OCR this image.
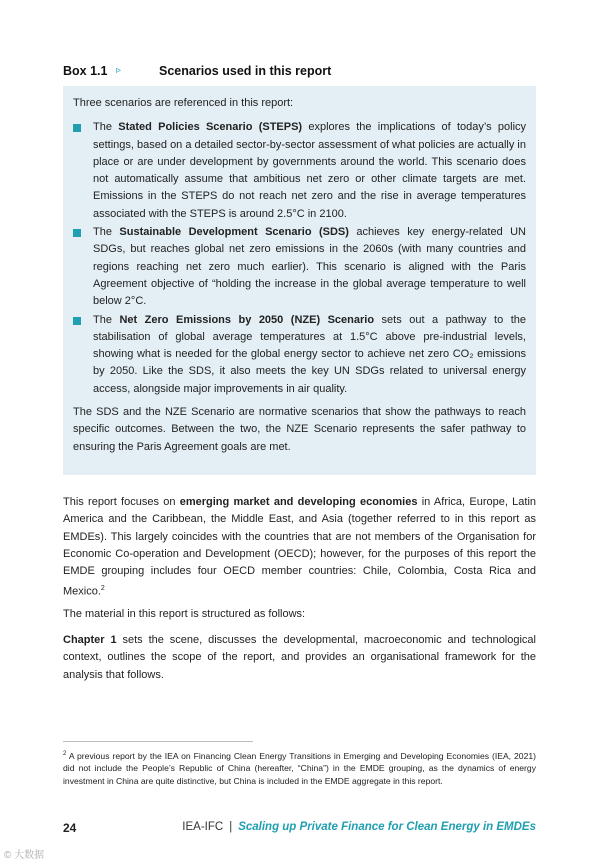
Box 1.1 ▹	Scenarios used in this report

Three scenarios are referenced in this report:

The Stated Policies Scenario (STEPS) explores the implications of today’s policy settings, based on a detailed sector-by-sector assessment of what policies are actually in place or are under development by governments around the world. This scenario does not automatically assume that ambitious net zero or other climate targets are met. Emissions in the STEPS do not reach net zero and the rise in average temperatures associated with the STEPS is around 2.5°C in 2100.
The Sustainable Development Scenario (SDS) achieves key energy-related UN SDGs, but reaches global net zero emissions in the 2060s (with many countries and regions reaching net zero much earlier). This scenario is aligned with the Paris Agreement objective of “holding the increase in the global average temperature to well below 2°C.
The Net Zero Emissions by 2050 (NZE) Scenario sets out a pathway to the stabilisation of global average temperatures at 1.5°C above pre-industrial levels, showing what is needed for the global energy sector to achieve net zero CO₂ emissions by 2050. Like the SDS, it also meets the key UN SDGs related to universal energy access, alongside major improvements in air quality.

The SDS and the NZE Scenario are normative scenarios that show the pathways to reach specific outcomes. Between the two, the NZE Scenario represents the safer pathway to ensuring the Paris Agreement goals are met.

This report focuses on emerging market and developing economies in Africa, Europe, Latin America and the Caribbean, the Middle East, and Asia (together referred to in this report as EMDEs). This largely coincides with the countries that are not members of the Organisation for Economic Co-operation and Development (OECD); however, for the purposes of this report the EMDE grouping includes four OECD member countries: Chile, Colombia, Costa Rica and Mexico.$^2$

The material in this report is structured as follows:

Chapter 1 sets the scene, discusses the developmental, macroeconomic and technological context, outlines the scope of the report, and provides an organisational framework for the analysis that follows.

$^2$ A previous report by the IEA on Financing Clean Energy Transitions in Emerging and Developing Economies (IEA, 2021) did not include the People’s Republic of China (hereafter, “China”) in the EMDE grouping, as the dynamics of energy investment in China are quite distinctive, but China is included in the EMDE aggregate in this report.
24	IEA-IFC | Scaling up Private Finance for Clean Energy in EMDEs
© 大数据
